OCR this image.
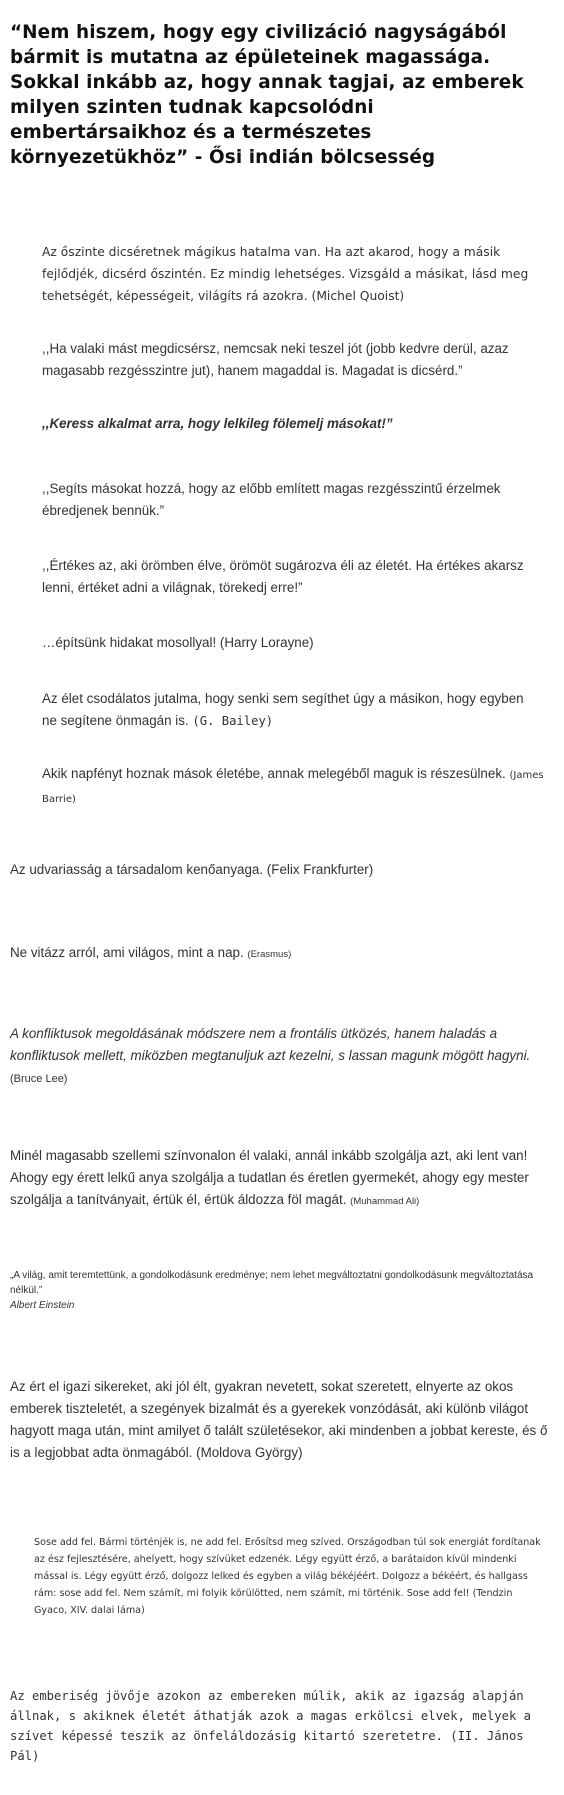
“Nem hiszem, hogy egy civilizáció nagyságából bármit is mutatna az épületeinek magassága. Sokkal inkább az, hogy annak tagjai, az emberek milyen szinten tudnak kapcsolódni embertársaikhoz és a természetes környezetükhöz” - Ősi indián bölcsesség

Az őszinte dicséretnek mágikus hatalma van. Ha azt akarod, hogy a másik fejlődjék, dicsérd őszintén. Ez mindig lehetséges. Vizsgáld a másikat, lásd meg tehetségét, képességeit, világíts rá azokra. (Michel Quoist)

,,Ha valaki mást megdicsérsz, nemcsak neki teszel jót (jobb kedvre derül, azaz magasabb rezgésszintre jut), hanem magaddal is. Magadat is dicsérd.”

,,Keress alkalmat arra, hogy lelkileg fölemelj másokat!”

,,Segíts másokat hozzá, hogy az előbb említett magas rezgésszintű érzelmek ébredjenek bennük.”

,,Értékes az, aki örömben élve, örömöt sugározva éli az életét. Ha értékes akarsz lenni, értéket adni a világnak, törekedj erre!”

…építsünk hidakat mosollyal! (Harry Lorayne)

Az élet csodálatos jutalma, hogy senki sem segíthet úgy a másikon, hogy egyben ne segítene önmagán is. (G. Bailey)

Akik napfényt hoznak mások életébe, annak melegéből maguk is részesülnek. (James Barrie)

Az udvariasság a társadalom kenőanyaga. (Felix Frankfurter)

Ne vitázz arról, ami világos, mint a nap. (Erasmus)

A konfliktusok megoldásának módszere nem a frontális ütközés, hanem haladás a konfliktusok mellett, miközben megtanuljuk azt kezelni, s lassan magunk mögött hagyni. (Bruce Lee)

Minél magasabb szellemi színvonalon él valaki, annál inkább szolgálja azt, aki lent van! Ahogy egy érett lelkű anya szolgálja a tudatlan és éretlen gyermekét, ahogy egy mester szolgálja a tanítványait, értük él, értük áldozza föl magát. (Muhammad Ali)

„A világ, amit teremtettünk, a gondolkodásunk eredménye; nem lehet megváltoztatni gondolkodásunk megváltoztatása nélkül.”
Albert Einstein

Az ért el igazi sikereket, aki jól élt, gyakran nevetett, sokat szeretett, elnyerte az okos emberek tiszteletét, a szegények bizalmát és a gyerekek vonzódását, aki különb világot hagyott maga után, mint amilyet ő talált születésekor, aki mindenben a jobbat kereste, és ő is a legjobbat adta önmagából. (Moldova György)

Sose add fel. Bármi történjék is, ne add fel. Erősítsd meg szíved. Országodban túl sok energiát fordítanak az ész fejlesztésére, ahelyett, hogy szívüket edzenék. Légy együtt érző, a barátaidon kívül mindenki mással is. Légy együtt érző, dolgozz lelked és egyben a világ békéjéért. Dolgozz a békéért, és hallgass rám: sose add fel. Nem számít, mi folyik körülötted, nem számít, mi történik. Sose add fel! (Tendzin Gyaco, XIV. dalai láma)

Az emberiség jövője azokon az embereken múlik, akik az igazság alapján állnak, s akiknek életét áthatják azok a magas erkölcsi elvek, melyek a szívet képessé teszik az önfeláldozásig kitartó szeretetre. (II. János Pál)
